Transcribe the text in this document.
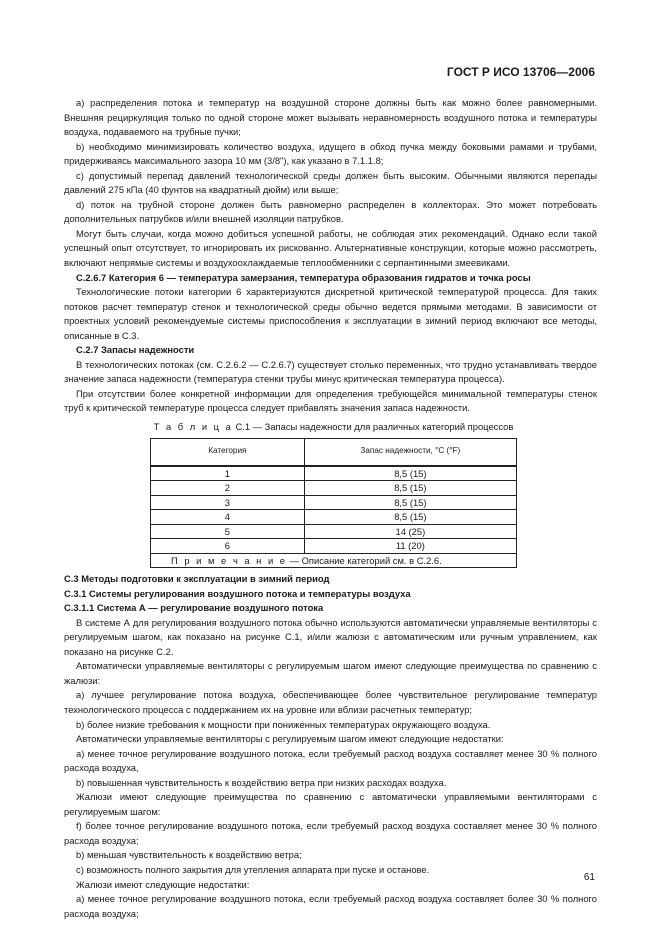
ГОСТ Р ИСО 13706—2006

a) распределения потока и температур на воздушной стороне должны быть как можно более равномерными. Внешняя рециркуляция только по одной стороне может вызывать неравномерность воздушного потока и температуры воздуха, подаваемого на трубные пучки;

b) необходимо минимизировать количество воздуха, идущего в обход пучка между боковыми рамами и трубами, придерживаясь максимального зазора 10 мм (3/8"), как указано в 7.1.1.8;

c) допустимый перепад давлений технологической среды должен быть высоким. Обычными являются перепады давлений 275 кПа (40 фунтов на квадратный дюйм) или выше;

d) поток на трубной стороне должен быть равномерно распределен в коллекторах. Это может потребовать дополнительных патрубков и/или внешней изоляции патрубков.

Могут быть случаи, когда можно добиться успешной работы, не соблюдая этих рекомендаций. Однако если такой успешный опыт отсутствует, то игнорировать их рискованно. Альтернативные конструкции, которые можно рассмотреть, включают непрямые системы и воздухоохлаждаемые теплообменники с серпантинными змеевиками.

C.2.6.7 Категория 6 — температура замерзания, температура образования гидратов и точка росы

Технологические потоки категории 6 характеризуются дискретной критической температурой процесса. Для таких потоков расчет температур стенок и технологической среды обычно ведется прямыми методами. В зависимости от проектных условий рекомендуемые системы приспособления к эксплуатации в зимний период включают все методы, описанные в С.3.

C.2.7 Запасы надежности

В технологических потоках (см. С.2.6.2 — С.2.6.7) существует столько переменных, что трудно устанавливать твердое значение запаса надежности (температура стенки трубы минус критическая температура процесса).

При отсутствии более конкретной информации для определения требующейся минимальной температуры стенок труб к критической температуре процесса следует прибавлять значения запаса надежности.

Т а б л и ц а С.1 — Запасы надежности для различных категорий процессов

Категория	Запас надежности, °С (°F)
1	8,5 (15)
2	8,5 (15)
3	8,5 (15)
4	8,5 (15)
5	14 (25)
6	11 (20)
П р и м е ч а н и е — Описание категорий см. в С.2.6.	

С.3 Методы подготовки к эксплуатации в зимний период

С.3.1 Системы регулирования воздушного потока и температуры воздуха

С.3.1.1 Система А — регулирование воздушного потока

В системе А для регулирования воздушного потока обычно используются автоматически управляемые вентиляторы с регулируемым шагом, как показано на рисунке С.1, и/или жалюзи с автоматическим или ручным управлением, как показано на рисунке С.2.

Автоматически управляемые вентиляторы с регулируемым шагом имеют следующие преимущества по сравнению с жалюзи:

a) лучшее регулирование потока воздуха, обеспечивающее более чувствительное регулирование температур технологического процесса с поддержанием их на уровне или вблизи расчетных температур;

b) более низкие требования к мощности при пониженных температурах окружающего воздуха.

Автоматически управляемые вентиляторы с регулируемым шагом имеют следующие недостатки:

a) менее точное регулирование воздушного потока, если требуемый расход воздуха составляет менее 30 % полного расхода воздуха,

b) повышенная чувствительность к воздействию ветра при низких расходах воздуха.

Жалюзи имеют следующие преимущества по сравнению с автоматически управляемыми вентиляторами с регулируемым шагом:

f) более точное регулирование воздушного потока, если требуемый расход воздуха составляет менее 30 % полного расхода воздуха;

b) меньшая чувствительность к воздействию ветра;

c) возможность полного закрытия для утепления аппарата при пуске и останове.

Жалюзи имеют следующие недостатки:

a) менее точное регулирование воздушного потока, если требуемый расход воздуха составляет более 30 % полного расхода воздуха;

61
